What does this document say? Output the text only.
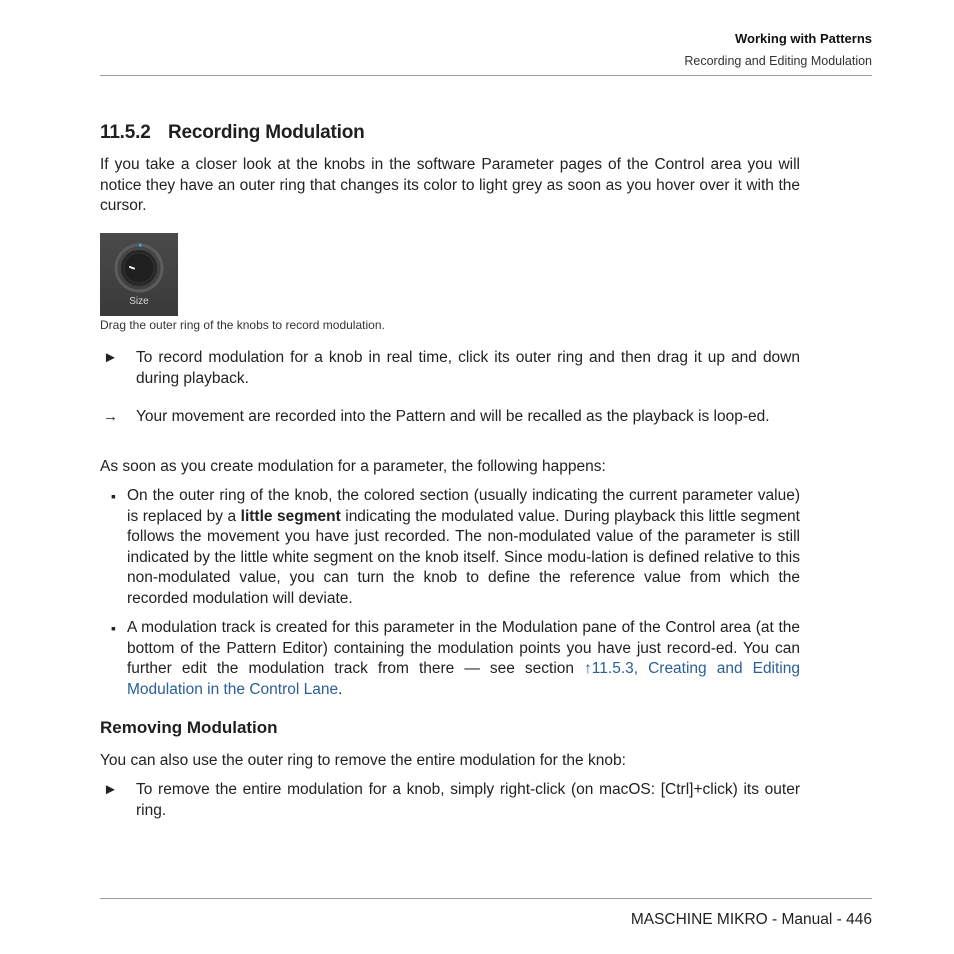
Working with Patterns
Recording and Editing Modulation
11.5.2 Recording Modulation

If you take a closer look at the knobs in the software Parameter pages of the Control area you will notice they have an outer ring that changes its color to light grey as soon as you hover over it with the cursor.

Size
Drag the outer ring of the knobs to record modulation.
► To record modulation for a knob in real time, click its outer ring and then drag it up and down during playback.

→ Your movement are recorded into the Pattern and will be recalled as the playback is loop-ed.

As soon as you create modulation for a parameter, the following happens:

▪ On the outer ring of the knob, the colored section (usually indicating the current parameter value) is replaced by a little segment indicating the modulated value. During playback this little segment follows the movement you have just recorded. The non-modulated value of the parameter is still indicated by the little white segment on the knob itself. Since modu-lation is defined relative to this non-modulated value, you can turn the knob to define the reference value from which the recorded modulation will deviate.

▪ A modulation track is created for this parameter in the Modulation pane of the Control area (at the bottom of the Pattern Editor) containing the modulation points you have just record-ed. You can further edit the modulation track from there — see section ↑11.5.3, Creating and Editing Modulation in the Control Lane.

Removing Modulation

You can also use the outer ring to remove the entire modulation for the knob:

► To remove the entire modulation for a knob, simply right-click (on macOS: [Ctrl]+click) its outer ring.

MASCHINE MIKRO - Manual - 446
